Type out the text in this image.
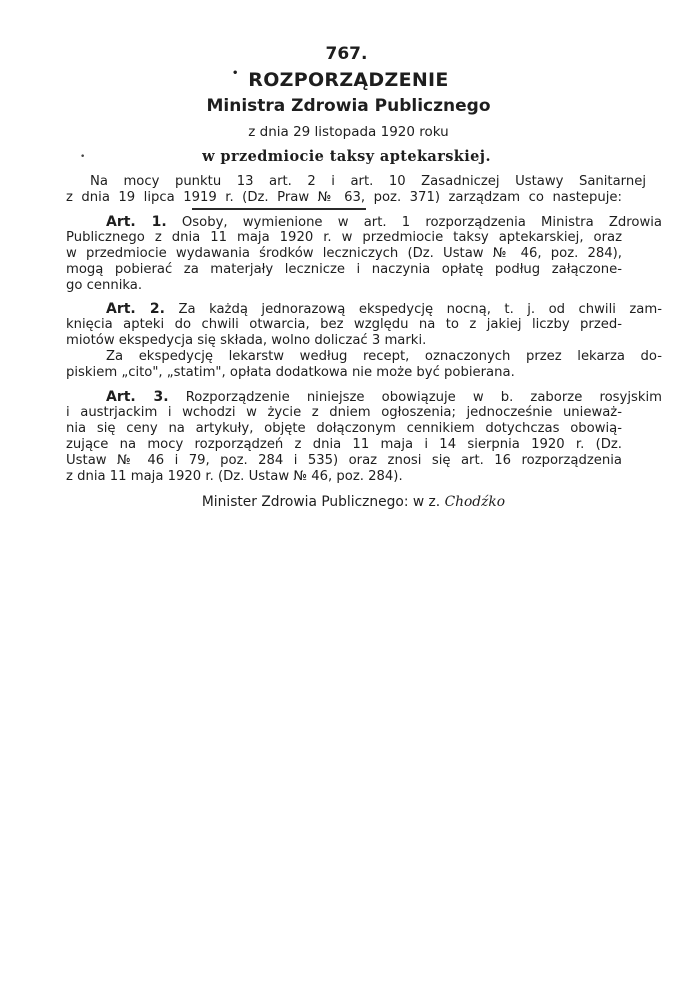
767.
• ROZPORZĄDZENIE
Ministra Zdrowia Publicznego
z dnia 29 listopada 1920 roku
•	w przedmiocie taksy aptekarskiej.
Na mocy punktu 13 art. 2 i art. 10 Zasadniczej Ustawy Sanitarnej
z dnia 19 lipca 1919 r. (Dz. Praw № 63, poz. 371) zarządzam co nastepuje:
Art. 1. Osoby, wymienione w art. 1 rozporządzenia Ministra Zdrowia
Publicznego z dnia 11 maja 1920 r. w przedmiocie taksy aptekarskiej, oraz
w przedmiocie wydawania środków leczniczych (Dz. Ustaw № 46, poz. 284),
mogą pobierać za materjały lecznicze i naczynia opłatę podług załączone-
go cennika.
Art. 2. Za każdą jednorazową ekspedycję nocną, t. j. od chwili zam-
knięcia apteki do chwili otwarcia, bez względu na to z jakiej liczby przed-
miotów ekspedycja się składa, wolno doliczać 3 marki.
Za ekspedycję lekarstw według recept, oznaczonych przez lekarza do-
piskiem „cito", „statim", opłata dodatkowa nie może być pobierana.
Art. 3. Rozporządzenie niniejsze obowiązuje w b. zaborze rosyjskim
i austrjackim i wchodzi w życie z dniem ogłoszenia; jednocześnie unieważ-
nia się ceny na artykuły, objęte dołączonym cennikiem dotychczas obowią-
zujące na mocy rozporządzeń z dnia 11 maja i 14 sierpnia 1920 r. (Dz.
Ustaw № 46 i 79, poz. 284 i 535) oraz znosi się art. 16 rozporządzenia
z dnia 11 maja 1920 r. (Dz. Ustaw № 46, poz. 284).
Minister Zdrowia Publicznego: w z. Chodźko
